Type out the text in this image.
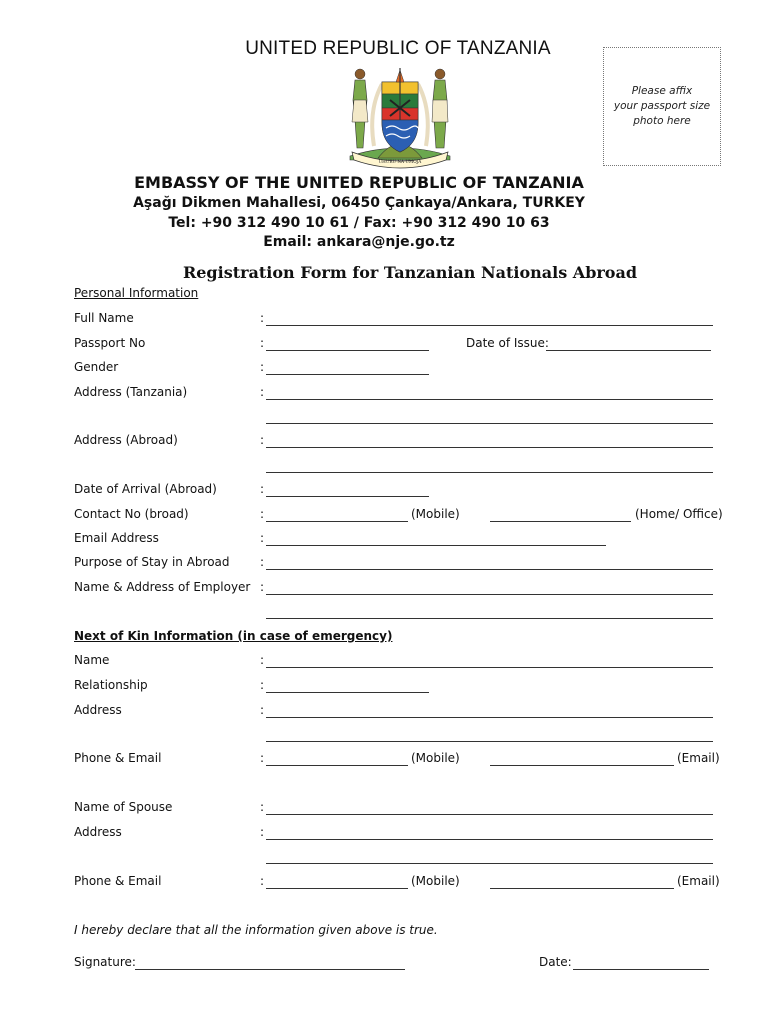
UNITED REPUBLIC OF TANZANIA
Please affix
your passport size
photo here
UHURU NA UMOJA
EMBASSY OF THE UNITED REPUBLIC OF TANZANIA
Aşağı Dikmen Mahallesi, 06450 Çankaya/Ankara, TURKEY
Tel: +90 312 490 10 61 / Fax: +90 312 490 10 63
Email: ankara@nje.go.tz
Registration Form for Tanzanian Nationals Abroad
Personal Information
Full Name	:
Passport No	:	Date of Issue:
Gender	:
Address (Tanzania)	:
Address (Abroad)	:
Date of Arrival (Abroad)	:
Contact No (broad)	:	(Mobile)	(Home/ Office)
Email Address	:
Purpose of Stay in Abroad	:
Name & Address of Employer :
Next of Kin Information (in case of emergency)
Name	:
Relationship	:
Address	:
Phone & Email	:	(Mobile)	(Email)
Name of Spouse	:
Address	:
Phone & Email	:	(Mobile)	(Email)
I hereby declare that all the information given above is true.
Signature:	Date:
